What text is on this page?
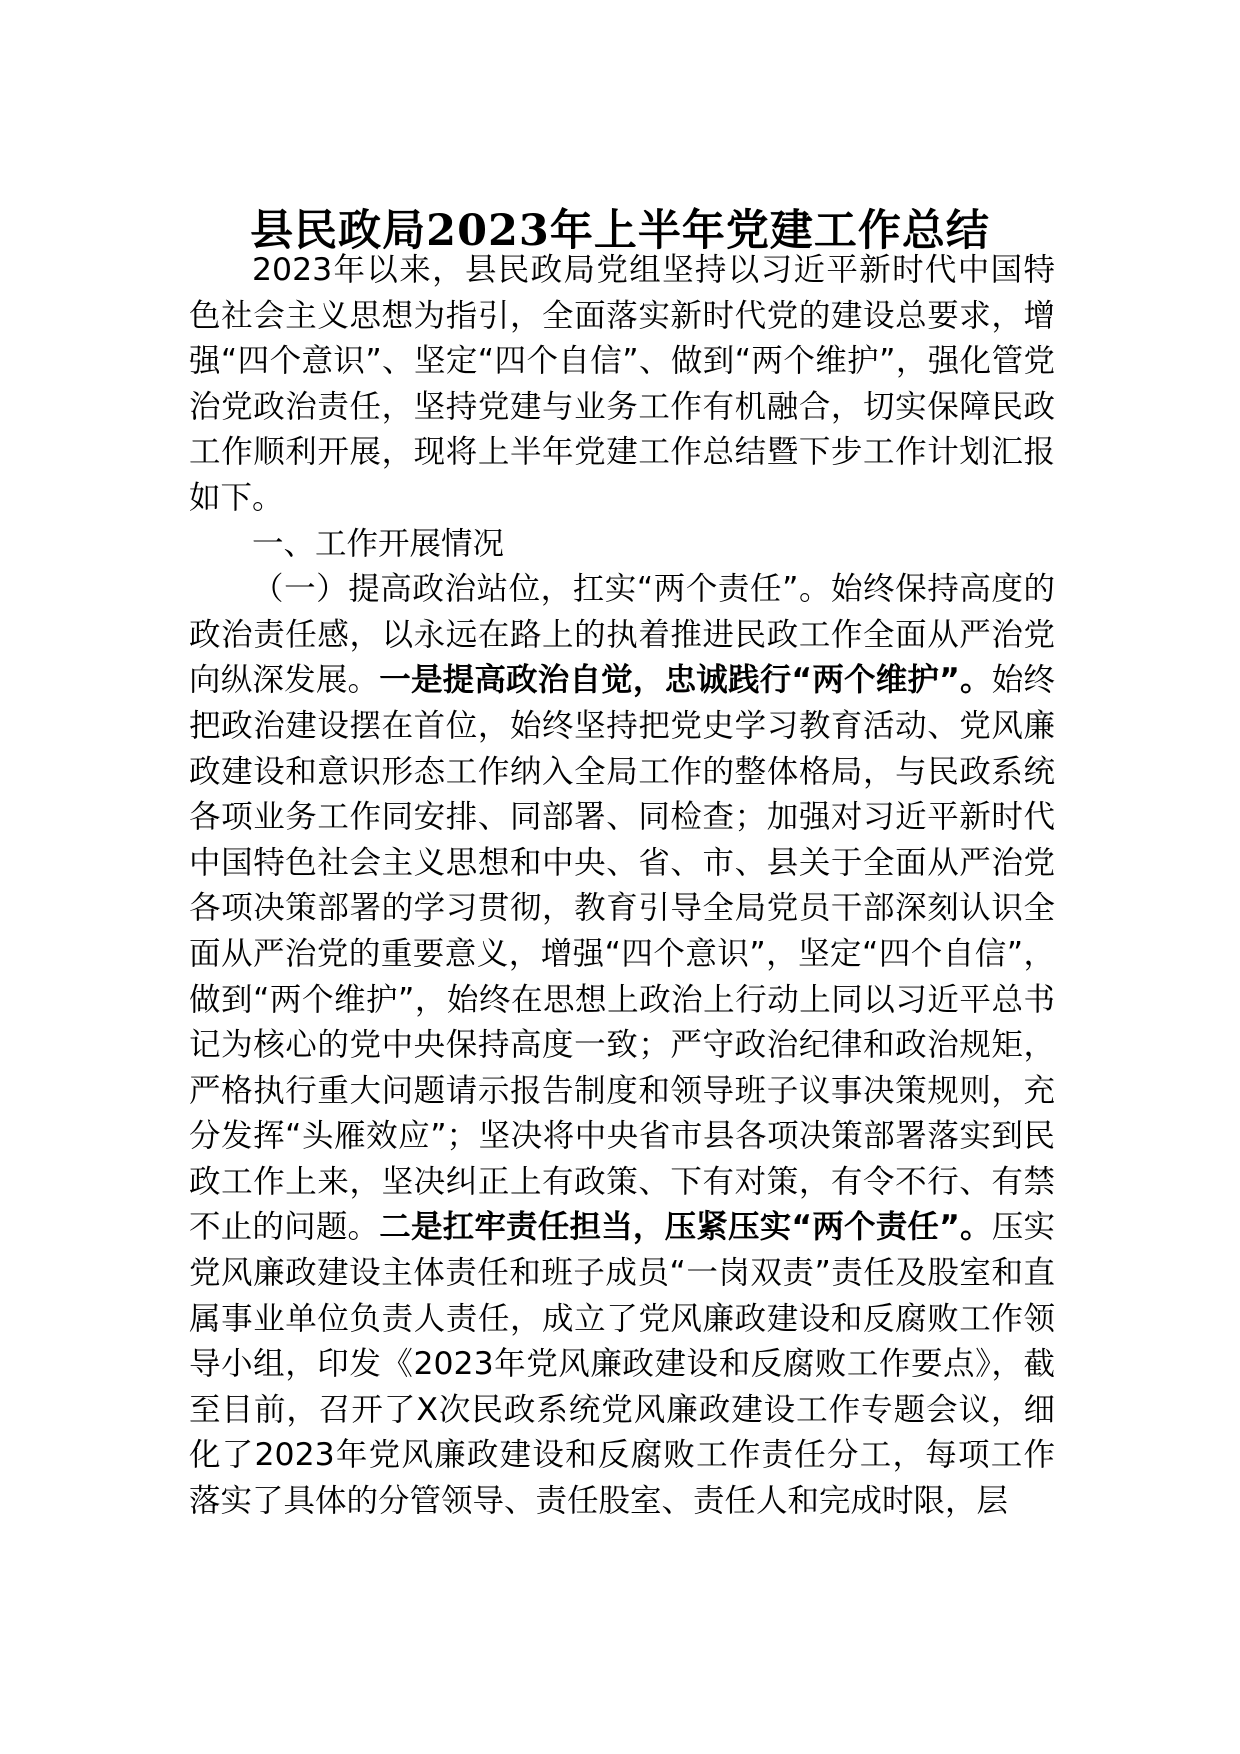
县民政局2023年上半年党建工作总结

2023年以来，县民政局党组坚持以习近平新时代中国特色社会主义思想为指引，全面落实新时代党的建设总要求，增强“四个意识”、坚定“四个自信”、做到“两个维护”，强化管党治党政治责任，坚持党建与业务工作有机融合，切实保障民政工作顺利开展，现将上半年党建工作总结暨下步工作计划汇报如下。

一、工作开展情况

（一）提高政治站位，扛实“两个责任”。始终保持高度的政治责任感，以永远在路上的执着推进民政工作全面从严治党向纵深发展。一是提高政治自觉，忠诚践行“两个维护”。始终把政治建设摆在首位，始终坚持把党史学习教育活动、党风廉政建设和意识形态工作纳入全局工作的整体格局，与民政系统各项业务工作同安排、同部署、同检查；加强对习近平新时代中国特色社会主义思想和中央、省、市、县关于全面从严治党各项决策部署的学习贯彻，教育引导全局党员干部深刻认识全面从严治党的重要意义，增强“四个意识”，坚定“四个自信”，做到“两个维护”，始终在思想上政治上行动上同以习近平总书记为核心的党中央保持高度一致；严守政治纪律和政治规矩，严格执行重大问题请示报告制度和领导班子议事决策规则，充分发挥“头雁效应”；坚决将中央省市县各项决策部署落实到民政工作上来，坚决纠正上有政策、下有对策，有令不行、有禁不止的问题。二是扛牢责任担当，压紧压实“两个责任”。压实党风廉政建设主体责任和班子成员“一岗双责”责任及股室和直属事业单位负责人责任，成立了党风廉政建设和反腐败工作领导小组，印发《2023年党风廉政建设和反腐败工作要点》，截至目前，召开了X次民政系统党风廉政建设工作专题会议，细化了2023年党风廉政建设和反腐败工作责任分工，每项工作落实了具体的分管领导、责任股室、责任人和完成时限，层
